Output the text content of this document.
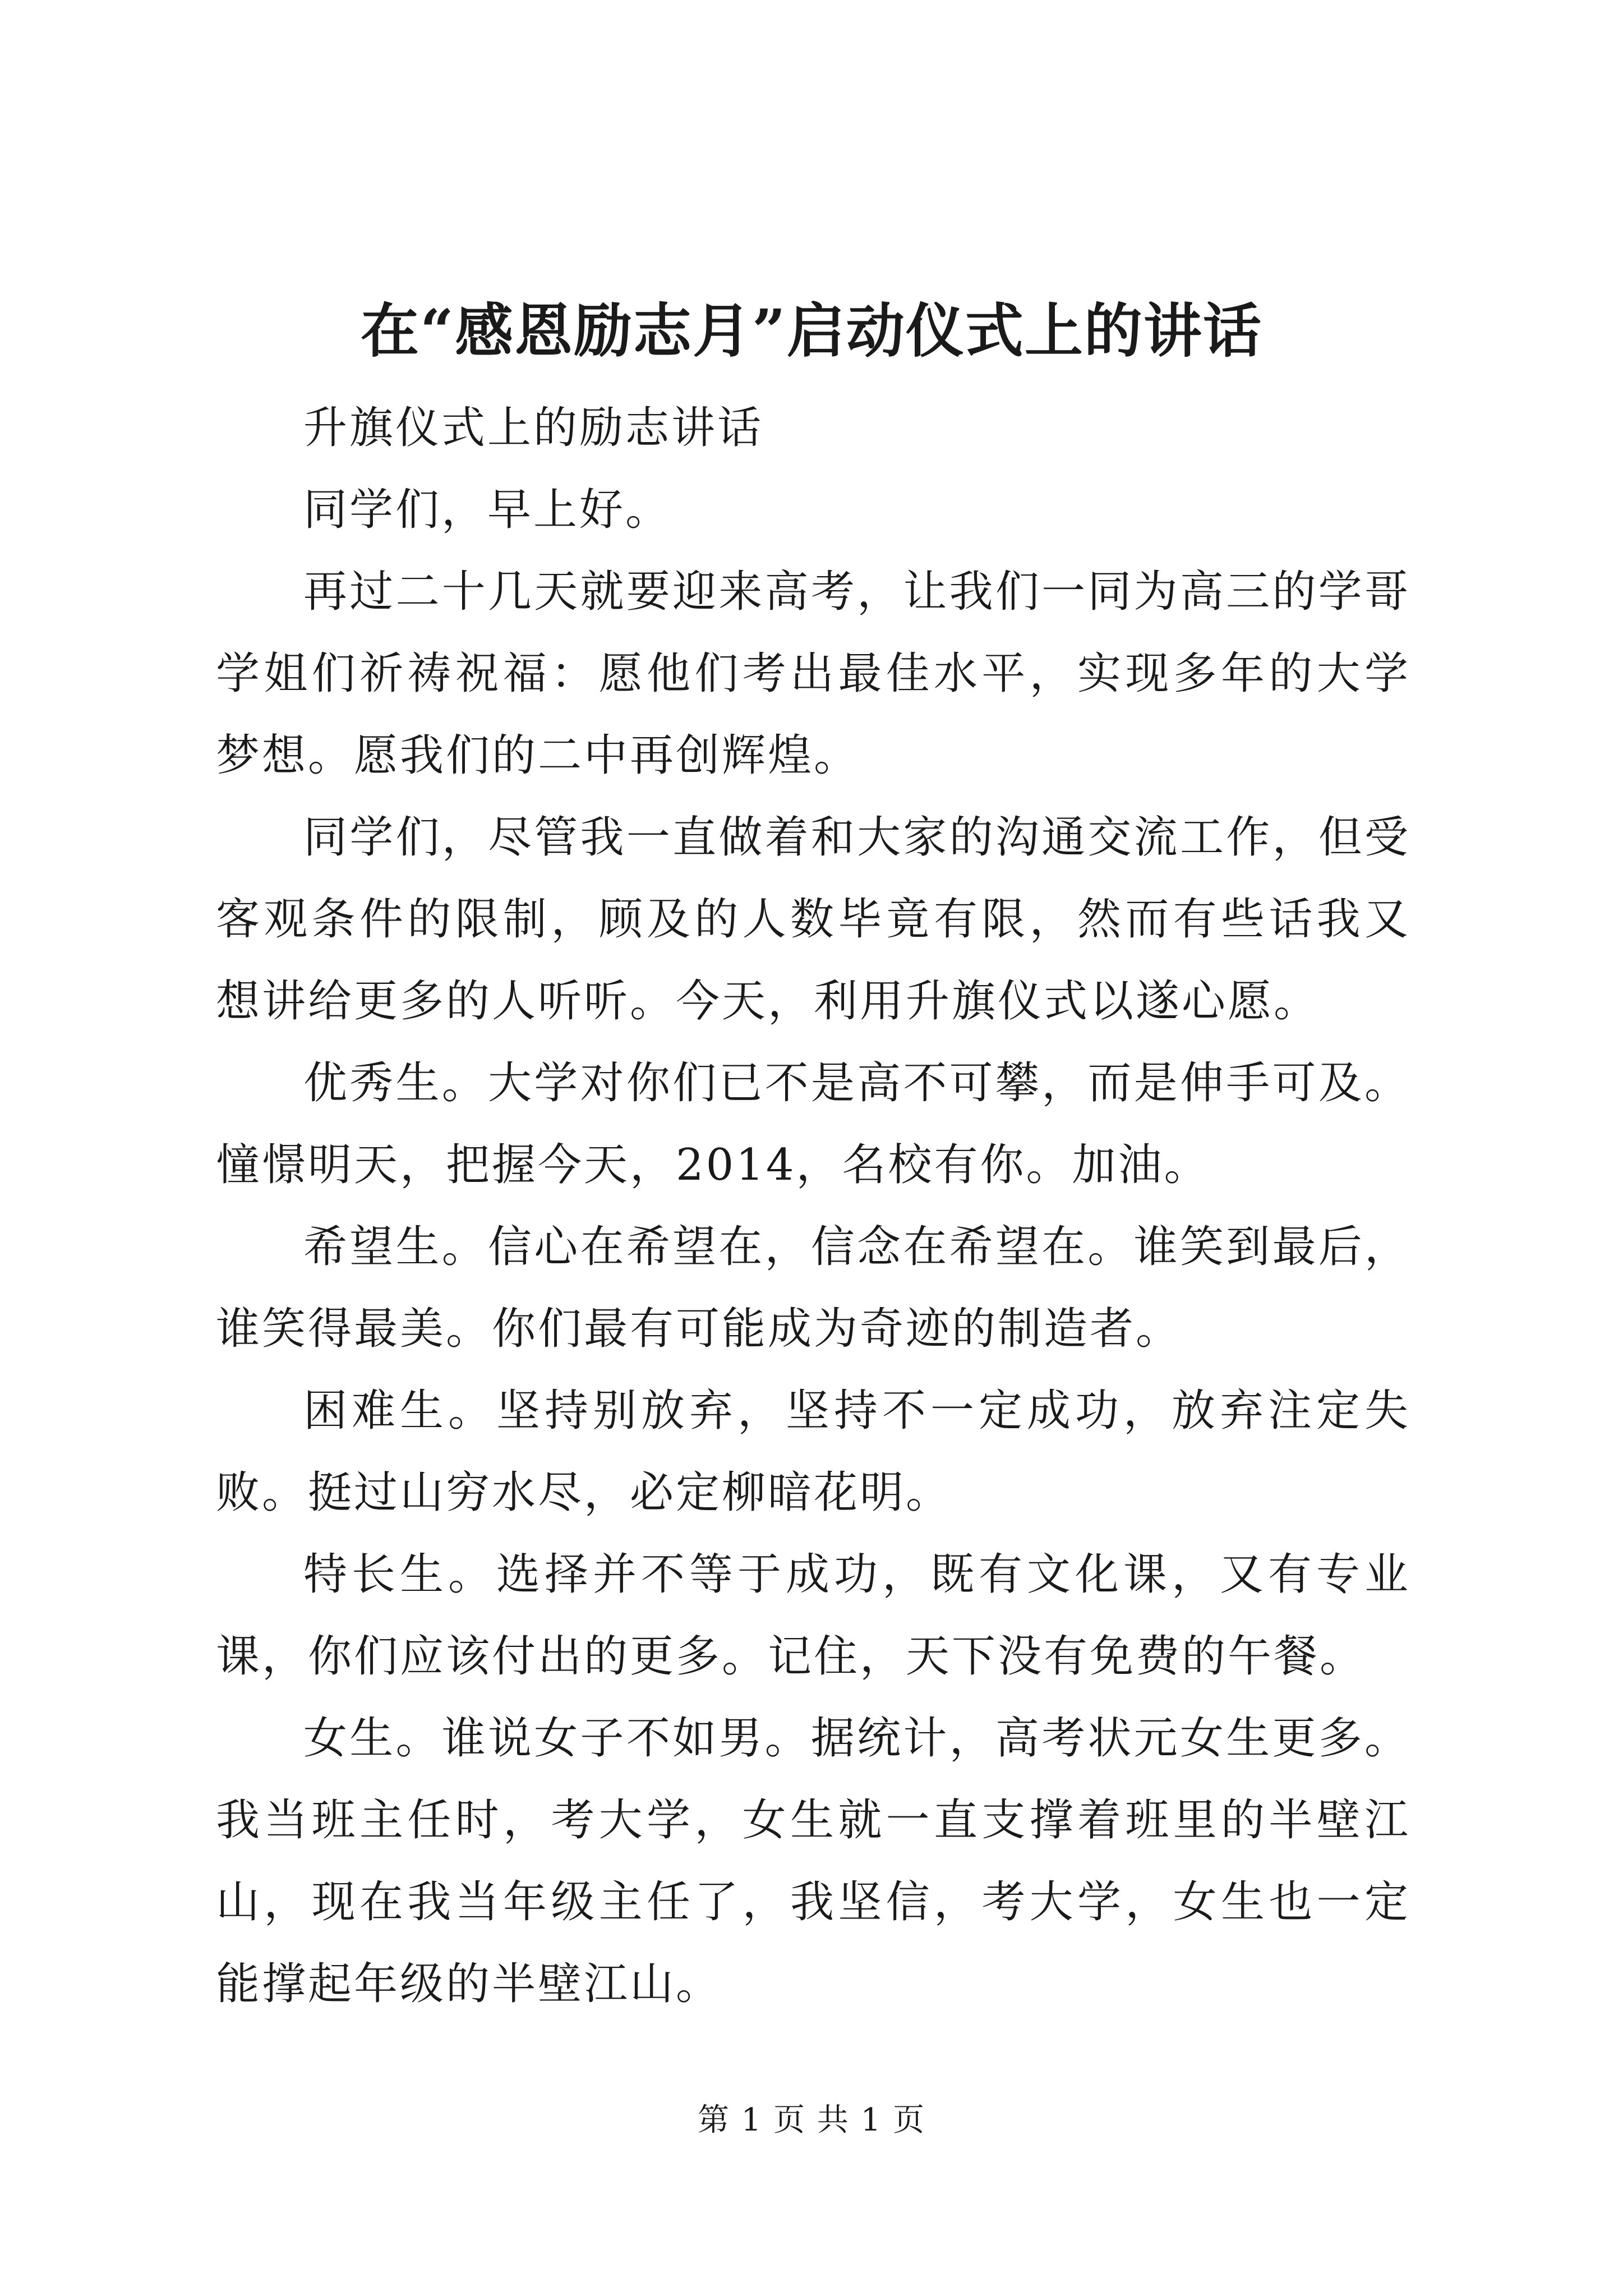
在“感恩励志月”启动仪式上的讲话

升旗仪式上的励志讲话

同学们，早上好。

再过二十几天就要迎来高考，让我们一同为高三的学哥学姐们祈祷祝福：愿他们考出最佳水平，实现多年的大学梦想。愿我们的二中再创辉煌。

同学们，尽管我一直做着和大家的沟通交流工作，但受客观条件的限制，顾及的人数毕竟有限，然而有些话我又想讲给更多的人听听。今天，利用升旗仪式以遂心愿。

优秀生。大学对你们已不是高不可攀，而是伸手可及。憧憬明天，把握今天，2014，名校有你。加油。

希望生。信心在希望在，信念在希望在。谁笑到最后，谁笑得最美。你们最有可能成为奇迹的制造者。

困难生。坚持别放弃，坚持不一定成功，放弃注定失败。挺过山穷水尽，必定柳暗花明。

特长生。选择并不等于成功，既有文化课，又有专业课，你们应该付出的更多。记住，天下没有免费的午餐。

女生。谁说女子不如男。据统计，高考状元女生更多。我当班主任时，考大学，女生就一直支撑着班里的半壁江山，现在我当年级主任了，我坚信，考大学，女生也一定能撑起年级的半壁江山。

第 1 页 共 1 页
